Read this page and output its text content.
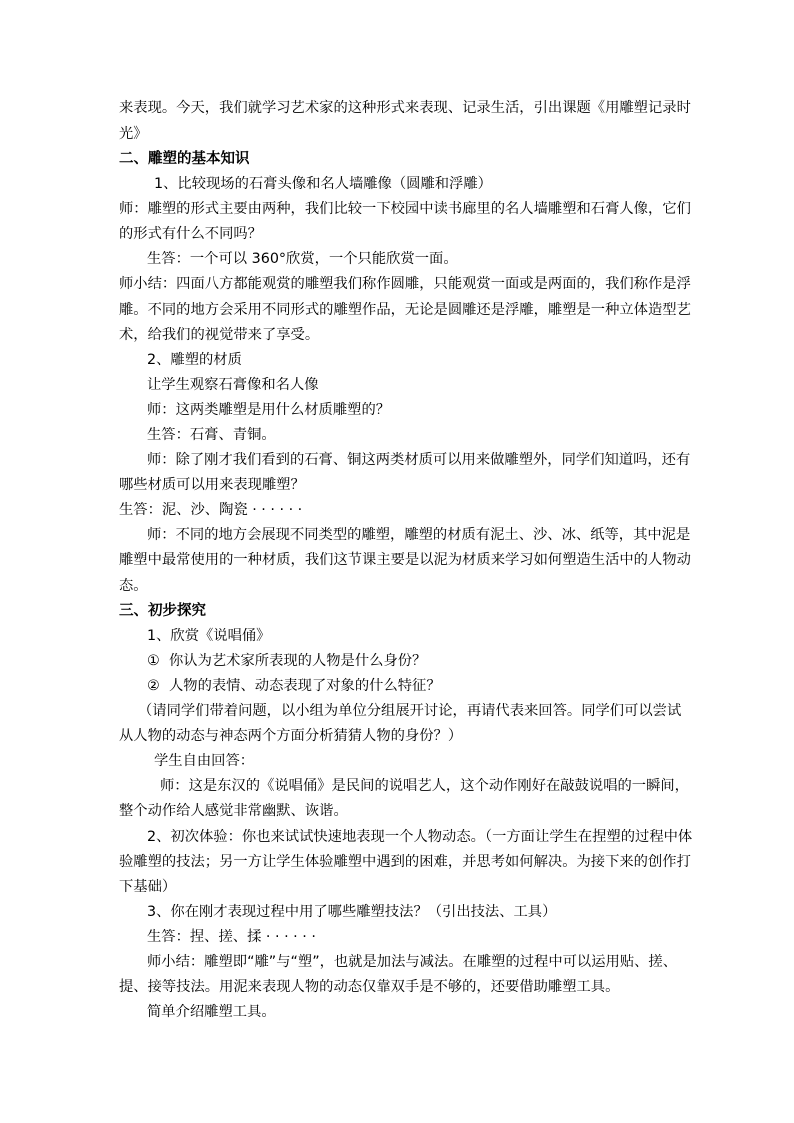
来表现。今天，我们就学习艺术家的这种形式来表现、记录生活，引出课题《用雕塑记录时
光》
二、雕塑的基本知识
1、比较现场的石膏头像和名人墙雕像（圆雕和浮雕）
师：雕塑的形式主要由两种，我们比较一下校园中读书廊里的名人墙雕塑和石膏人像，它们
的形式有什么不同吗？
生答：一个可以 360°欣赏，一个只能欣赏一面。
师小结：四面八方都能观赏的雕塑我们称作圆雕，只能观赏一面或是两面的，我们称作是浮
雕。不同的地方会采用不同形式的雕塑作品，无论是圆雕还是浮雕，雕塑是一种立体造型艺
术，给我们的视觉带来了享受。
2、雕塑的材质
让学生观察石膏像和名人像
师：这两类雕塑是用什么材质雕塑的？
生答：石膏、青铜。
师：除了刚才我们看到的石膏、铜这两类材质可以用来做雕塑外，同学们知道吗，还有
哪些材质可以用来表现雕塑？
生答：泥、沙、陶瓷 · · · · · ·
师：不同的地方会展现不同类型的雕塑，雕塑的材质有泥土、沙、冰、纸等，其中泥是
雕塑中最常使用的一种材质，我们这节课主要是以泥为材质来学习如何塑造生活中的人物动
态。
三、初步探究
1、欣赏《说唱俑》
① 你认为艺术家所表现的人物是什么身份？
② 人物的表情、动态表现了对象的什么特征？
（请同学们带着问题，以小组为单位分组展开讨论，再请代表来回答。同学们可以尝试
从人物的动态与神态两个方面分析猜猜人物的身份？）
学生自由回答：
师：这是东汉的《说唱俑》是民间的说唱艺人，这个动作刚好在敲鼓说唱的一瞬间，
整个动作给人感觉非常幽默、诙谐。
2、初次体验：你也来试试快速地表现一个人物动态。（一方面让学生在捏塑的过程中体
验雕塑的技法；另一方让学生体验雕塑中遇到的困难，并思考如何解决。为接下来的创作打
下基础）
3、你在刚才表现过程中用了哪些雕塑技法？（引出技法、工具）
生答：捏、搓、揉 · · · · · ·
师小结：雕塑即“雕”与“塑”，也就是加法与减法。在雕塑的过程中可以运用贴、搓、
提、接等技法。用泥来表现人物的动态仅靠双手是不够的，还要借助雕塑工具。
简单介绍雕塑工具。
